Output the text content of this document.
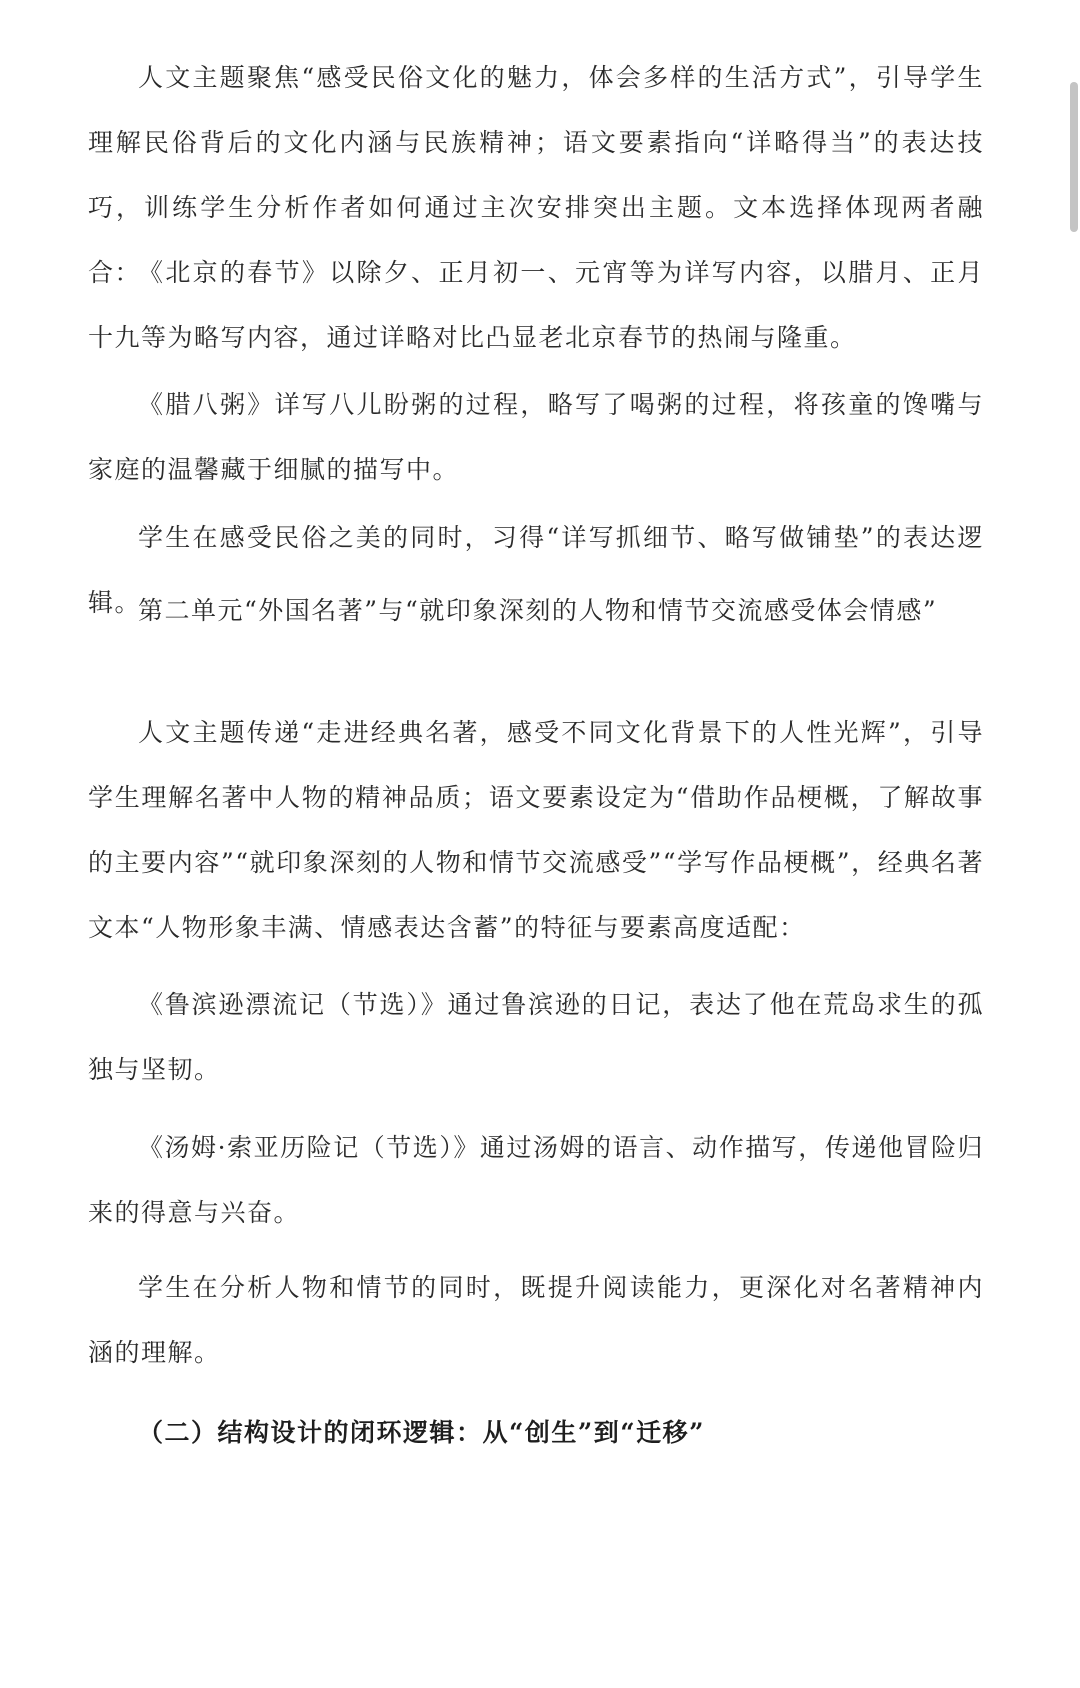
人文主题聚焦“感受民俗文化的魅力，体会多样的生活方式”，引导学生理解民俗背后的文化内涵与民族精神；语文要素指向“详略得当”的表达技巧，训练学生分析作者如何通过主次安排突出主题。文本选择体现两者融合：

《北京的春节》以除夕、正月初一、元宵等为详写内容，以腊月、正月十九等为略写内容，通过详略对比凸显老北京春节的热闹与隆重。

《腊八粥》详写八儿盼粥的过程，略写了喝粥的过程，将孩童的馋嘴与家庭的温馨藏于细腻的描写中。

学生在感受民俗之美的同时，习得“详写抓细节、略写做铺垫”的表达逻辑。

第二单元“外国名著”与“就印象深刻的人物和情节交流感受体会情感”

人文主题传递“走进经典名著，感受不同文化背景下的人性光辉”，引导学生理解名著中人物的精神品质；语文要素设定为“借助作品梗概，了解故事的主要内容”“就印象深刻的人物和情节交流感受”“学写作品梗概”，经典名著文本“人物形象丰满、情感表达含蓄”的特征与要素高度适配：

《鲁滨逊漂流记（节选）》通过鲁滨逊的日记，表达了他在荒岛求生的孤独与坚韧。

《汤姆·索亚历险记（节选）》通过汤姆的语言、动作描写，传递他冒险归来的得意与兴奋。

学生在分析人物和情节的同时，既提升阅读能力，更深化对名著精神内涵的理解。

（二）结构设计的闭环逻辑：从“创生”到“迁移”
